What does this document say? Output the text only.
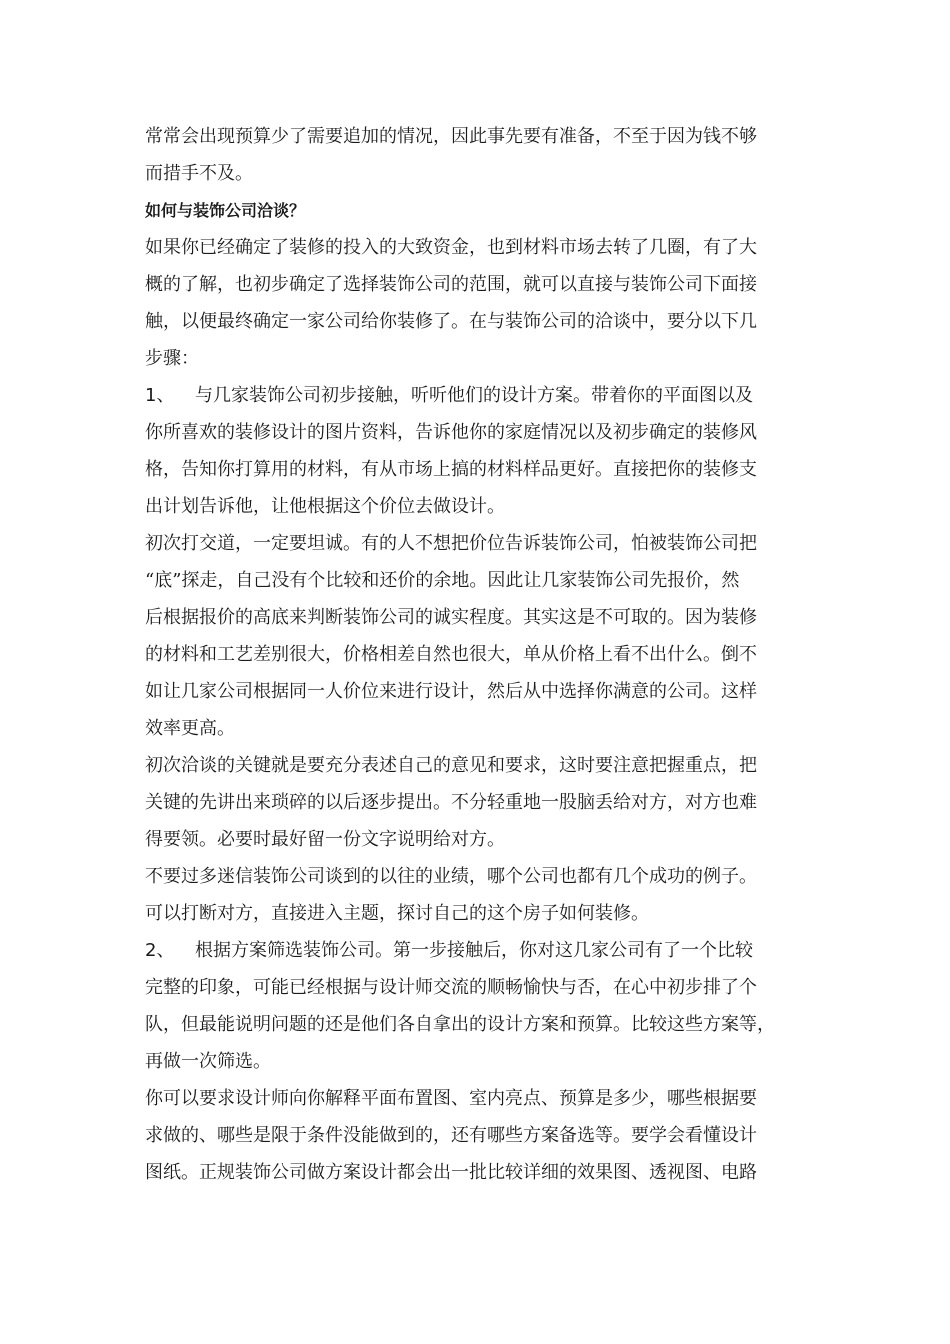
常常会出现预算少了需要追加的情况，因此事先要有准备，不至于因为钱不够
而措手不及。

如何与装饰公司洽谈？

如果你已经确定了装修的投入的大致资金，也到材料市场去转了几圈，有了大
概的了解，也初步确定了选择装饰公司的范围，就可以直接与装饰公司下面接
触，以便最终确定一家公司给你装修了。在与装饰公司的洽谈中，要分以下几
步骤：

1、 与几家装饰公司初步接触，听听他们的设计方案。带着你的平面图以及
你所喜欢的装修设计的图片资料，告诉他你的家庭情况以及初步确定的装修风
格，告知你打算用的材料，有从市场上搞的材料样品更好。直接把你的装修支
出计划告诉他，让他根据这个价位去做设计。

初次打交道，一定要坦诚。有的人不想把价位告诉装饰公司，怕被装饰公司把
“底”探走，自己没有个比较和还价的余地。因此让几家装饰公司先报价，然
后根据报价的高底来判断装饰公司的诚实程度。其实这是不可取的。因为装修
的材料和工艺差别很大，价格相差自然也很大，单从价格上看不出什么。倒不
如让几家公司根据同一人价位来进行设计，然后从中选择你满意的公司。这样
效率更高。

初次洽谈的关键就是要充分表述自己的意见和要求，这时要注意把握重点，把
关键的先讲出来琐碎的以后逐步提出。不分轻重地一股脑丢给对方，对方也难
得要领。必要时最好留一份文字说明给对方。

不要过多迷信装饰公司谈到的以往的业绩，哪个公司也都有几个成功的例子。
可以打断对方，直接进入主题，探讨自己的这个房子如何装修。

2、 根据方案筛选装饰公司。第一步接触后，你对这几家公司有了一个比较
完整的印象，可能已经根据与设计师交流的顺畅愉快与否，在心中初步排了个
队，但最能说明问题的还是他们各自拿出的设计方案和预算。比较这些方案等，
再做一次筛选。

你可以要求设计师向你解释平面布置图、室内亮点、预算是多少，哪些根据要
求做的、哪些是限于条件没能做到的，还有哪些方案备选等。要学会看懂设计
图纸。正规装饰公司做方案设计都会出一批比较详细的效果图、透视图、电路
